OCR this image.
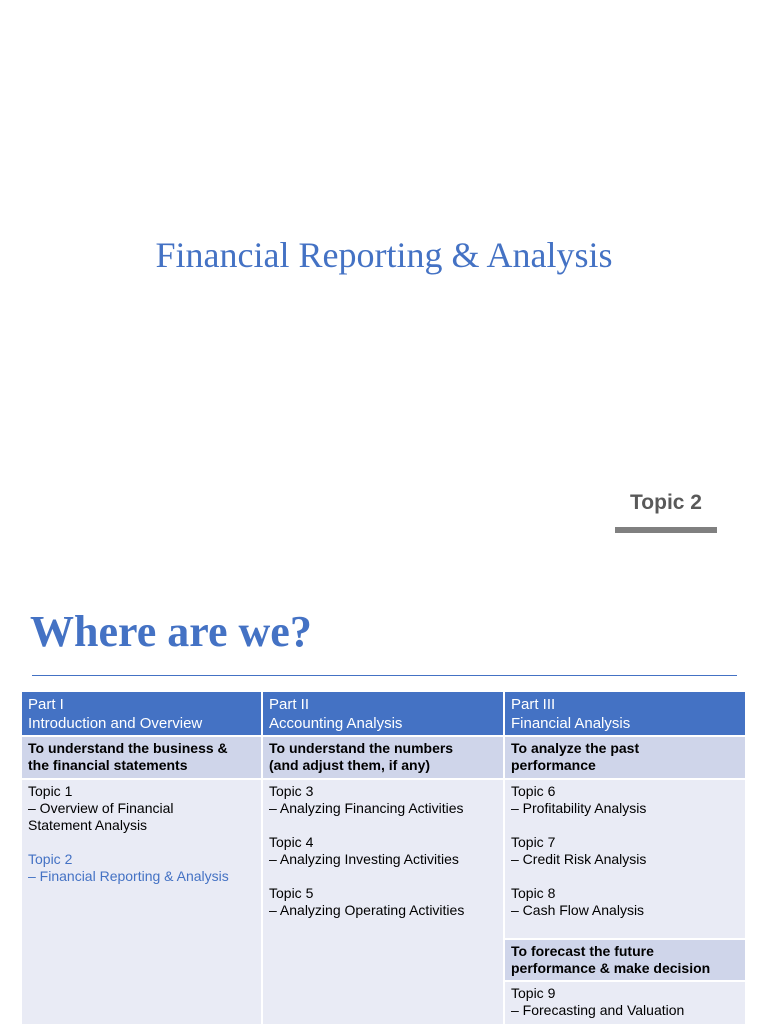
Financial Reporting & Analysis
Topic 2
Where are we?
Part I
Introduction and Overview
Part II
Accounting Analysis
Part III
Financial Analysis
To understand the business &
the financial statements
To understand the numbers
(and adjust them, if any)
To analyze the past
performance
Topic 1
– Overview of Financial
Statement Analysis
Topic 2
– Financial Reporting & Analysis
Topic 3
– Analyzing Financing Activities
Topic 4
– Analyzing Investing Activities
Topic 5
– Analyzing Operating Activities
Topic 6
– Profitability Analysis
Topic 7
– Credit Risk Analysis
Topic 8
– Cash Flow Analysis
To forecast the future
performance & make decision
Topic 9
– Forecasting and Valuation
